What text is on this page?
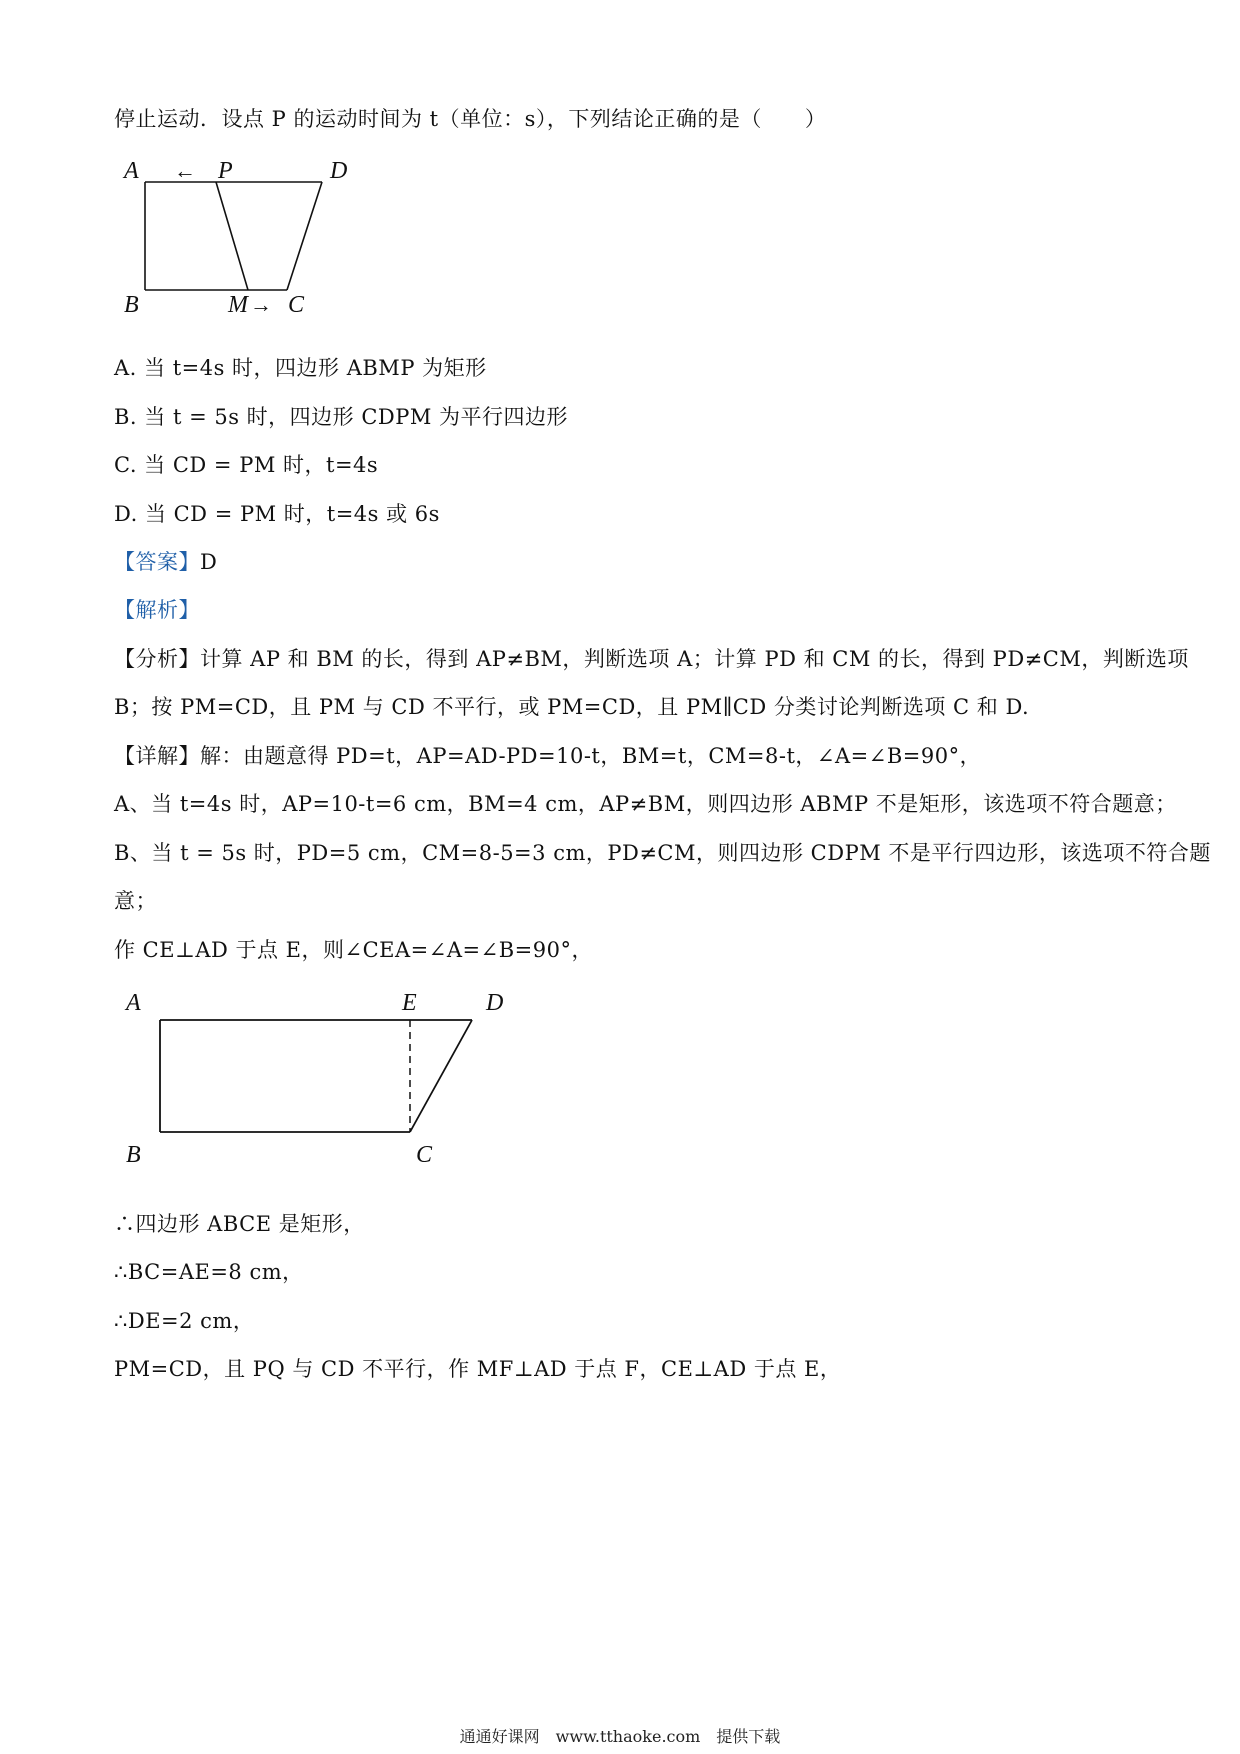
停止运动．设点 P 的运动时间为 t（单位：s），下列结论正确的是（　　）
A ← P	D
B	M → C
A. 当 t=4s 时，四边形 ABMP 为矩形
B. 当 t = 5s 时，四边形 CDPM 为平行四边形
C. 当 CD = PM 时，t=4s
D. 当 CD = PM 时，t=4s 或 6s
【答案】D
【解析】
【分析】计算 AP 和 BM 的长，得到 AP≠BM，判断选项 A；计算 PD 和 CM 的长，得到 PD≠CM，判断选项
B；按 PM=CD，且 PM 与 CD 不平行，或 PM=CD，且 PM∥CD 分类讨论判断选项 C 和 D.
【详解】解：由题意得 PD=t，AP=AD-PD=10-t，BM=t，CM=8-t，∠A=∠B=90°，
A、当 t=4s 时，AP=10-t=6 cm，BM=4 cm，AP≠BM，则四边形 ABMP 不是矩形，该选项不符合题意；
B、当 t = 5s 时，PD=5 cm，CM=8-5=3 cm，PD≠CM，则四边形 CDPM 不是平行四边形，该选项不符合题
意；
作 CE⊥AD 于点 E，则∠CEA=∠A=∠B=90°，
A	E	D
B	C
∴四边形 ABCE 是矩形，
∴BC=AE=8 cm，
∴DE=2 cm，
PM=CD，且 PQ 与 CD 不平行，作 MF⊥AD 于点 F，CE⊥AD 于点 E，
通通好课网　www.tthaoke.com　提供下载
